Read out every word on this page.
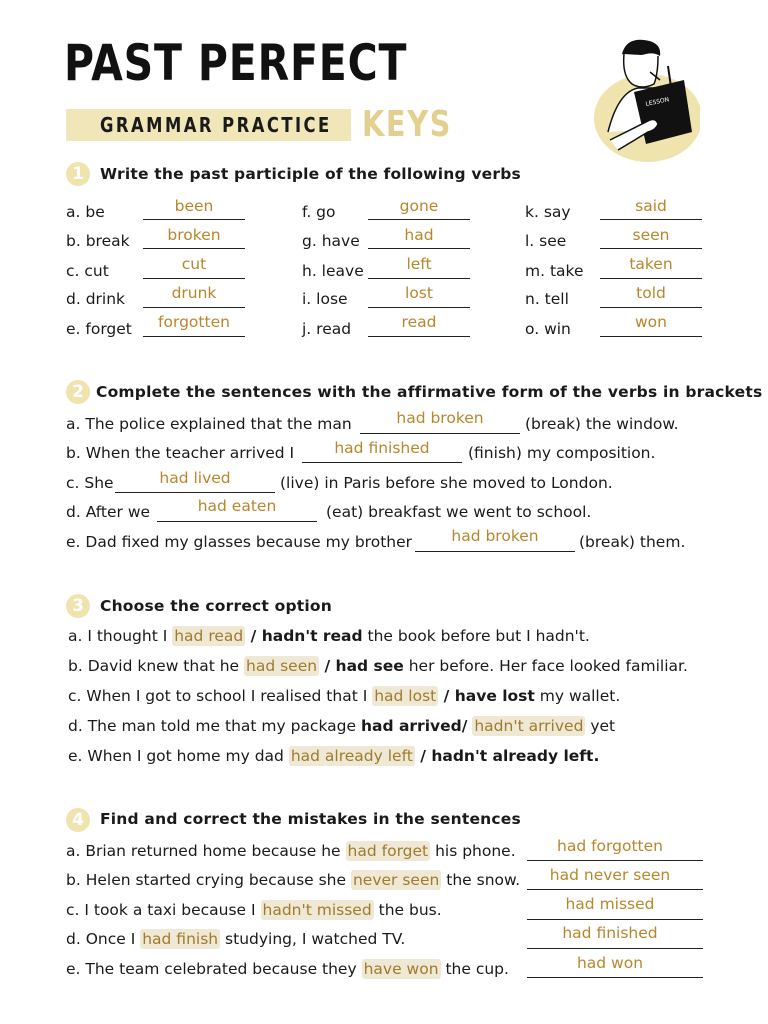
PAST PERFECT
GRAMMAR PRACTICE KEYS
LESSON
1	Write the past participle of the following verbs
a. be	been
b. break	broken
c. cut	cut
d. drink	drunk
e. forget	forgotten
f. go	gone
g. have	had
h. leave	left
i. lose	lost
j. read	read
k. say	said
l. see	seen
m. take	taken
n. tell	told
o. win	won
2 Complete the sentences with the affirmative form of the verbs in brackets
a. The police explained that the man	had broken	(break) the window.
b. When the teacher arrived I	had finished	(finish) my composition.
c. She	had lived	(live) in Paris before she moved to London.
d. After we	had eaten	(eat) breakfast we went to school.
e. Dad fixed my glasses because my brother	had broken	(break) them.
3	Choose the correct option
a. I thought I had read / hadn't read the book before but I hadn't.
b. David knew that he had seen / had see her before. Her face looked familiar.
c. When I got to school I realised that I had lost / have lost my wallet.
d. The man told me that my package had arrived/ hadn't arrived yet
e. When I got home my dad had already left / hadn't already left.
4	Find and correct the mistakes in the sentences
a. Brian returned home because he had forget his phone.	had forgotten
b. Helen started crying because she never seen the snow.	had never seen
c. I took a taxi because I hadn't missed the bus.	had missed
d. Once I had finish studying, I watched TV.	had finished
e. The team celebrated because they have won the cup.	had won
